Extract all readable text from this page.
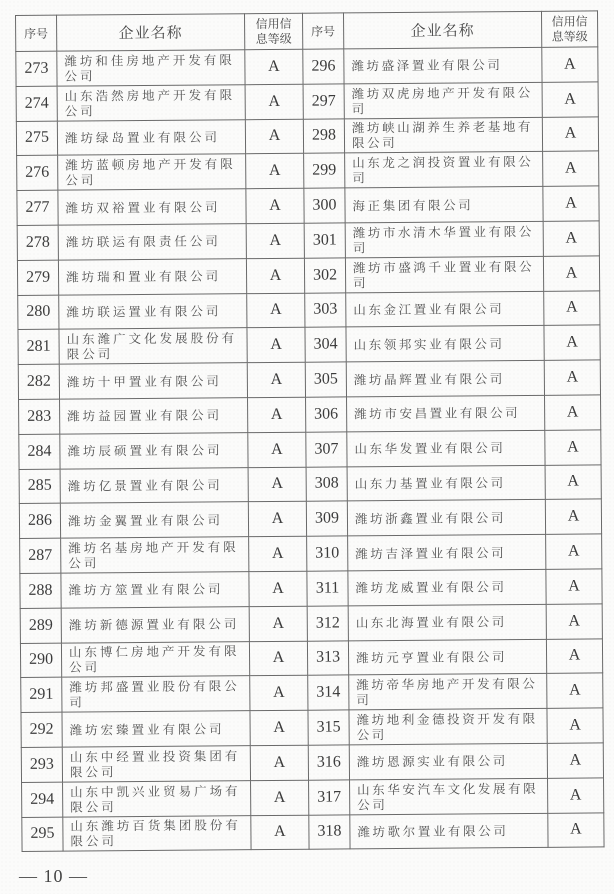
序号	企业名称	信用信息等级	序号	企业名称	信用信息等级

273	潍坊和佳房地产开发有限公司	A	296	潍坊盛泽置业有限公司	A
274	山东浩然房地产开发有限公司	A	297	潍坊双虎房地产开发有限公司	A
275	潍坊绿岛置业有限公司	A	298	潍坊峡山湖养生养老基地有限公司	A
276	潍坊蓝顿房地产开发有限公司	A	299	山东龙之润投资置业有限公司	A
277	潍坊双裕置业有限公司	A	300	海正集团有限公司	A
278	潍坊联运有限责任公司	A	301	潍坊市水清木华置业有限公司	A
279	潍坊瑞和置业有限公司	A	302	潍坊市盛鸿千业置业有限公司	A
280	潍坊联运置业有限公司	A	303	山东金江置业有限公司	A
281	山东潍广文化发展股份有限公司	A	304	山东领邦实业有限公司	A
282	潍坊十甲置业有限公司	A	305	潍坊晶辉置业有限公司	A
283	潍坊益园置业有限公司	A	306	潍坊市安昌置业有限公司	A
284	潍坊辰硕置业有限公司	A	307	山东华发置业有限公司	A
285	潍坊亿景置业有限公司	A	308	山东力基置业有限公司	A
286	潍坊金翼置业有限公司	A	309	潍坊浙鑫置业有限公司	A
287	潍坊名基房地产开发有限公司	A	310	潍坊吉泽置业有限公司	A
288	潍坊方筮置业有限公司	A	311	潍坊龙威置业有限公司	A
289	潍坊新德源置业有限公司	A	312	山东北海置业有限公司	A
290	山东博仁房地产开发有限公司	A	313	潍坊元亨置业有限公司	A
291	潍坊邦盛置业股份有限公司	A	314	潍坊帝华房地产开发有限公司	A
292	潍坊宏臻置业有限公司	A	315	潍坊地利金德投资开发有限公司	A
293	山东中经置业投资集团有限公司	A	316	潍坊恩源实业有限公司	A
294	山东中凯兴业贸易广场有限公司	A	317	山东华安汽车文化发展有限公司	A
295	山东潍坊百货集团股份有限公司	A	318	潍坊歌尔置业有限公司	A
— 10 —
